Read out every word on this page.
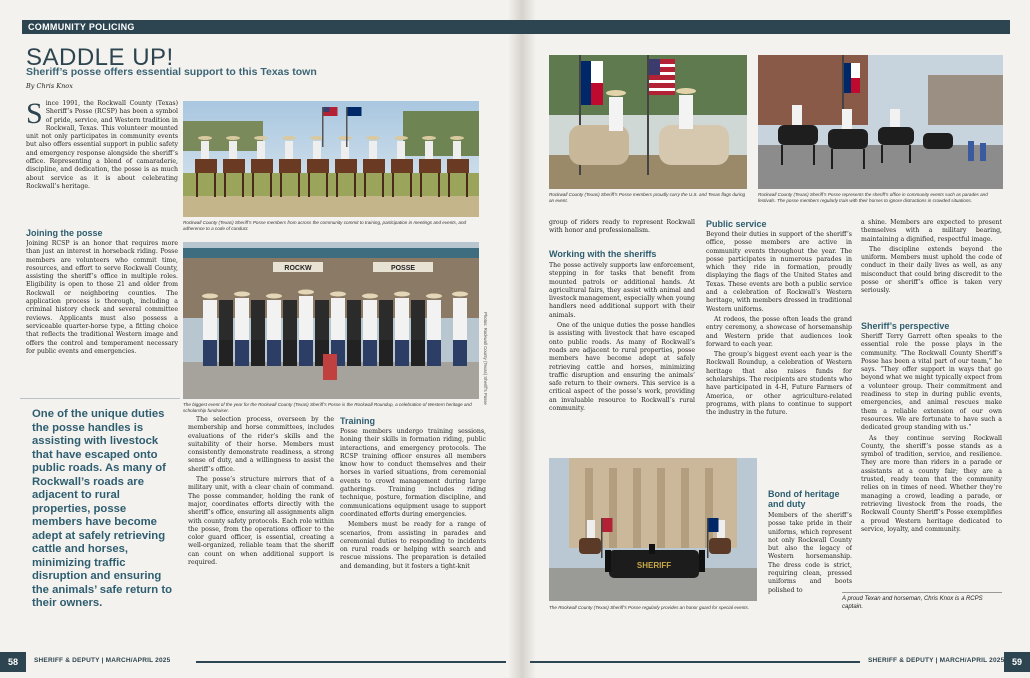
COMMUNITY POLICING
SADDLE UP!
Sheriff’s posse offers essential support to this Texas town
By Chris Knox
Since 1991, the Rockwall County (Texas) Sheriff’s Posse (RCSP) has been a symbol of pride, service, and Western tradition in Rockwall, Texas. This volunteer mounted unit not only participates in community events but also offers essential support in public safety and emergency response alongside the sheriff’s office. Representing a blend of camaraderie, discipline, and dedication, the posse is as much about service as it is about celebrating Rockwall’s heritage.
Joining the posse

Joining RCSP is an honor that requires more than just an interest in horseback riding. Posse members are volunteers who commit time, resources, and effort to serve Rockwall County, assisting the sheriff’s office in multiple roles. Eligibility is open to those 21 and older from Rockwall or neighboring counties. The application process is thorough, including a criminal history check and several committee reviews. Applicants must also possess a serviceable quarter-horse type, a fitting choice that reflects the traditional Western image and offers the control and temperament necessary for public events and emergencies.

One of the unique duties the posse handles is assisting with livestock that have escaped onto public roads. As many of Rockwall’s roads are adjacent to rural properties, posse members have become adept at safely retrieving cattle and horses, minimizing traffic disruption and ensuring the animals’ safe return to their owners.
Rockwall County (Texas) Sheriff’s Posse members from across the community commit to training, participation in meetings and events, and adherence to a code of conduct.
ROCKW	POSSE
Photos: Rockwall County (Texas) Sheriff’s Posse
The biggest event of the year for the Rockwall County (Texas) Sheriff’s Posse is the Rockwall Roundup, a celebration of Western heritage and scholarship fundraiser.

The selection process, overseen by the membership and horse committees, includes evaluations of the rider’s skills and the suitability of their horse. Members must consistently demonstrate readiness, a strong sense of duty, and a willingness to assist the sheriff’s office.

The posse’s structure mirrors that of a military unit, with a clear chain of command. The posse commander, holding the rank of major, coordinates efforts directly with the sheriff’s office, ensuring all assignments align with county safety protocols. Each role within the posse, from the operations officer to the color guard officer, is essential, creating a well-organized, reliable team that the sheriff can count on when additional support is required.

Training

Posse members undergo training sessions, honing their skills in formation riding, public interactions, and emergency protocols. The RCSP training officer ensures all members know how to conduct themselves and their horses in varied situations, from ceremonial events to crowd management during large gatherings. Training includes riding technique, posture, formation discipline, and communications equipment usage to support coordinated efforts during emergencies.

Members must be ready for a range of scenarios, from assisting in parades and ceremonial duties to responding to incidents on rural roads or helping with search and rescue missions. The preparation is detailed and demanding, but it fosters a tight-knit

Rockwall County (Texas) Sheriff’s Posse members proudly carry the U.S. and Texas flags during an event.
Rockwall County (Texas) Sheriff’s Posse represents the sheriff’s office in community events such as parades and festivals. The posse members regularly train with their horses to ignore distractions in crowded situations.

group of riders ready to represent Rockwall with honor and professionalism.

Working with the sheriffs

The posse actively supports law enforcement, stepping in for tasks that benefit from mounted patrols or additional hands. At agricultural fairs, they assist with animal and livestock management, especially when young handlers need additional support with their animals.

One of the unique duties the posse handles is assisting with livestock that have escaped onto public roads. As many of Rockwall’s roads are adjacent to rural properties, posse members have become adept at safely retrieving cattle and horses, minimizing traffic disruption and ensuring the animals’ safe return to their owners. This service is a critical aspect of the posse’s work, providing an invaluable resource to Rockwall’s rural community.

SHERIFF
The Rockwall County (Texas) Sheriff’s Posse regularly provides an honor guard for special events.
Public service

Beyond their duties in support of the sheriff’s office, posse members are active in community events throughout the year. The posse participates in numerous parades in which they ride in formation, proudly displaying the flags of the United States and Texas. These events are both a public service and a celebration of Rockwall’s Western heritage, with members dressed in traditional Western uniforms.

At rodeos, the posse often leads the grand entry ceremony, a showcase of horsemanship and Western pride that audiences look forward to each year.

The group’s biggest event each year is the Rockwall Roundup, a celebration of Western heritage that also raises funds for scholarships. The recipients are students who have participated in 4-H, Future Farmers of America, or other agriculture-related programs, with plans to continue to support the industry in the future.

Bond of heritage and duty

Members of the sheriff’s posse take pride in their uniforms, which represent not only Rockwall County but also the legacy of Western horsemanship. The dress code is strict, requiring clean, pressed uniforms and boots polished to

a shine. Members are expected to present themselves with a military bearing, maintaining a dignified, respectful image.

The discipline extends beyond the uniform. Members must uphold the code of conduct in their daily lives as well, as any misconduct that could bring discredit to the posse or sheriff’s office is taken very seriously.

Sheriff’s perspective

Sheriff Terry Garrett often speaks to the essential role the posse plays in the community. “The Rockwall County Sheriff’s Posse has been a vital part of our team,” he says. “They offer support in ways that go beyond what we might typically expect from a volunteer group. Their commitment and readiness to step in during public events, emergencies, and animal rescues make them a reliable extension of our own resources. We are fortunate to have such a dedicated group standing with us.”

As they continue serving Rockwall County, the sheriff’s posse stands as a symbol of tradition, service, and resilience. They are more than riders in a parade or assistants at a county fair; they are a trusted, ready team that the community relies on in times of need. Whether they’re managing a crowd, leading a parade, or retrieving livestock from the roads, the Rockwall County Sheriff’s Posse exemplifies a proud Western heritage dedicated to service, loyalty, and community.

A proud Texan and horseman, Chris Knox is a RCPS captain.
58	SHERIFF & DEPUTY | MARCH/APRIL 2025	SHERIFF & DEPUTY | MARCH/APRIL 2025 59
